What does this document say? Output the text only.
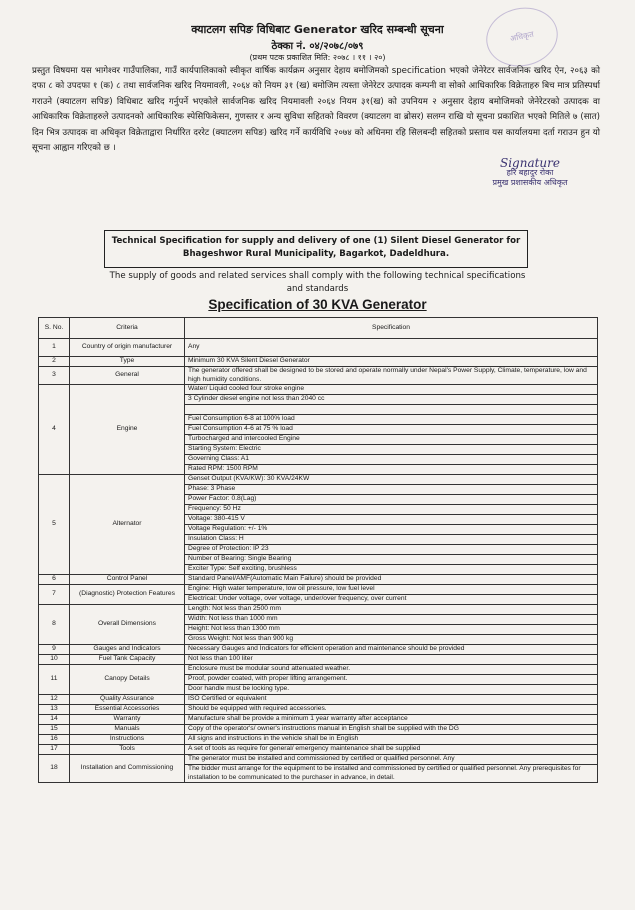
अधिकृत
क्याटलग सपिङ विधिबाट Generator खरिद सम्बन्धी सूचना
ठेक्का नं. ०४/२०७८/०७९
(प्रथम पटक प्रकाशित मिति: २०७८ । ११ । २०)
प्रस्तुत विषयमा यस भागेश्वर गाउँपालिका, गाउँ कार्यपालिकाको स्वीकृत वार्षिक कार्यक्रम अनुसार देहाय बमोजिमको specification भएको जेनेरेटर सार्वजनिक खरिद ऐन, २०६३ को दफा ८ को उपदफा १ (क) ८ तथा सार्वजनिक खरिद नियमावली, २०६४ को नियम ३१ (ख) बमोजिम त्यस्ता जेनेरेटर उत्पादक कम्पनी वा सोको आधिकारिक विक्रेताहरु बिच मात्र प्रतिस्पर्धा गराउने (क्याटलग सपिङ) विधिबाट खरिद गर्नुपर्ने भएकोले सार्वजनिक खरिद नियमावली २०६४ नियम ३१(ख) को उपनियम २ अनुसार देहाय बमोजिमको जेनेरेटरको उत्पादक वा आधिकारिक विक्रेताहरुले उत्पादनको आधिकारिक स्पेसिफिकेसन, गुणस्तर र अन्य सुविधा सहितको विवरण (क्याटलग वा ब्रोसर) सलग्न राखि यो सूचना प्रकाशित भएको मितिले ७ (सात) दिन भित्र उत्पादक वा अधिकृत विक्रेताद्वारा निर्धारित दररेट (क्याटलग सपिङ) खरिद गर्ने कार्यविधि २०७४ को अधिनमा रहि सिलबन्दी सहितको प्रस्ताव यस कार्यालयमा दर्ता गराउन हुन यो सूचना आह्वान गरिएको छ ।
Signature
हरि बहादुर रोका
प्रमुख प्रशासकीय अधिकृत
Technical Specification for supply and delivery of one (1) Silent Diesel Generator for
Bhageshwor Rural Municipality, Bagarkot, Dadeldhura.
The supply of goods and related services shall comply with the following technical specifications
and standards
Specification of 30 KVA Generator
S. No.	Criteria	Specification
1	Country of origin manufacturer	Any
2	Type	Minimum 30 KVA Silent Diesel Generator
3	General	The generator offered shall be designed to be stored and operate normally under Nepal's Power Supply, Climate, temperature, low and high humidity conditions.
4	Engine	Water/ Liquid cooled four stroke engine
		3 Cylinder diesel engine not less than 2040 cc

		Fuel Consumption 6-8 at 100% load
		Fuel Consumption 4-6 at 75 % load
		Turbocharged and intercooled Engine
		Starting System: Electric
		Governing Class: A1
		Rated RPM: 1500 RPM
5	Alternator	Genset Output (KVA/KW): 30 KVA/24KW
		Phase: 3 Phase
		Power Factor: 0.8(Lag)
		Frequency: 50 Hz
		Voltage: 380-415 V
		Voltage Regulation: +/- 1%
		Insulation Class: H
		Degree of Protection: IP 23
		Number of Bearing: Single Bearing
		Exciter Type: Self exciting, brushless
6	Control Panel	Standard Panel/AMF(Automatic Main Failure) should be provided
7	(Diagnostic) Protection Features	Engine: High water temperature, low oil pressure, low fuel level
		Electrical: Under voltage, over voltage, under/over frequency, over current
8	Overall Dimensions	Length: Not less than 2500 mm
		Width: Not less than 1000 mm
		Height: Not less than 1300 mm
		Gross Weight: Not less than 900 kg
9	Gauges and Indicators	Necessary Gauges and Indicators for efficient operation and maintenance should be provided
10	Fuel Tank Capacity	Not less than 100 liter
11	Canopy Details	Enclosure must be modular sound attenuated weather.
		Proof, powder coated, with proper lifting arrangement.
		Door handle must be locking type.
12	Quality Assurance	ISO Certified or equivalent
13	Essential Accessories	Should be equipped with required accessories.
14	Warranty	Manufacture shall be provide a minimum 1 year warranty after acceptance
15	Manuals	Copy of the operator's/ owner's instructions manual in English shall be supplied with the DG
16	Instructions	All signs and instructions in the vehicle shall be in English
17	Tools	A set of tools as require for general/ emergency maintenance shall be supplied
18	Installation and Commissioning	The generator must be installed and commissioned by certified or qualified personnel. Any
		The bidder must arrange for the equipment to be installed and commissioned by certified or qualified personnel. Any prerequisites for installation to be communicated to the purchaser in advance, in detail.
